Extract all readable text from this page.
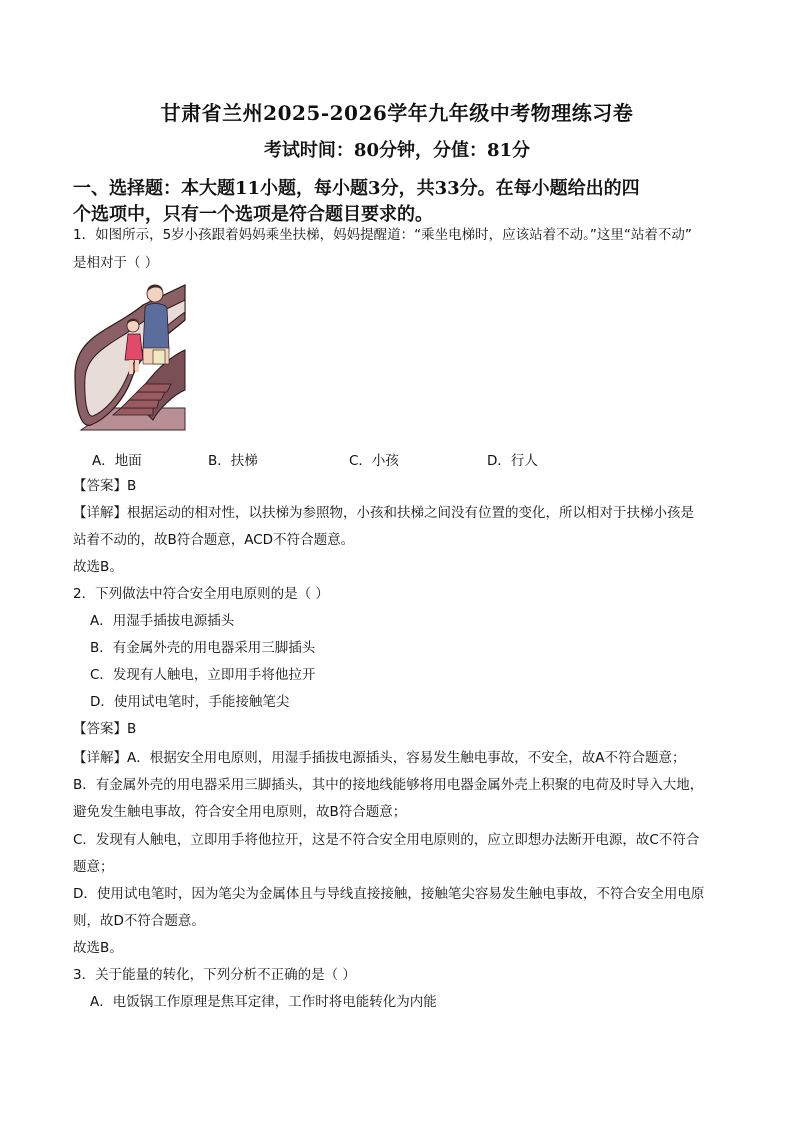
甘肃省兰州2025-2026学年九年级中考物理练习卷
考试时间：80分钟，分值：81分
一、选择题：本大题11小题，每小题3分，共33分。在每小题给出的四
个选项中，只有一个选项是符合题目要求的。
1．如图所示，5岁小孩跟着妈妈乘坐扶梯，妈妈提醒道：“乘坐电梯时，应该站着不动。”这里“站着不动”
是相对于（ ）
A．地面	B．扶梯	C．小孩	D．行人
【答案】B
【详解】根据运动的相对性，以扶梯为参照物，小孩和扶梯之间没有位置的变化，所以相对于扶梯小孩是
站着不动的，故B符合题意，ACD不符合题意。
故选B。
2．下列做法中符合安全用电原则的是（ ）
A．用湿手插拔电源插头
B．有金属外壳的用电器采用三脚插头
C．发现有人触电，立即用手将他拉开
D．使用试电笔时，手能接触笔尖
【答案】B
【详解】A．根据安全用电原则，用湿手插拔电源插头，容易发生触电事故，不安全，故A不符合题意；
B．有金属外壳的用电器采用三脚插头，其中的接地线能够将用电器金属外壳上积聚的电荷及时导入大地，
避免发生触电事故，符合安全用电原则，故B符合题意；
C．发现有人触电，立即用手将他拉开，这是不符合安全用电原则的，应立即想办法断开电源，故C不符合
题意；
D．使用试电笔时，因为笔尖为金属体且与导线直接接触，接触笔尖容易发生触电事故，不符合安全用电原
则，故D不符合题意。
故选B。
3．关于能量的转化，下列分析不正确的是（ ）
A．电饭锅工作原理是焦耳定律，工作时将电能转化为内能
